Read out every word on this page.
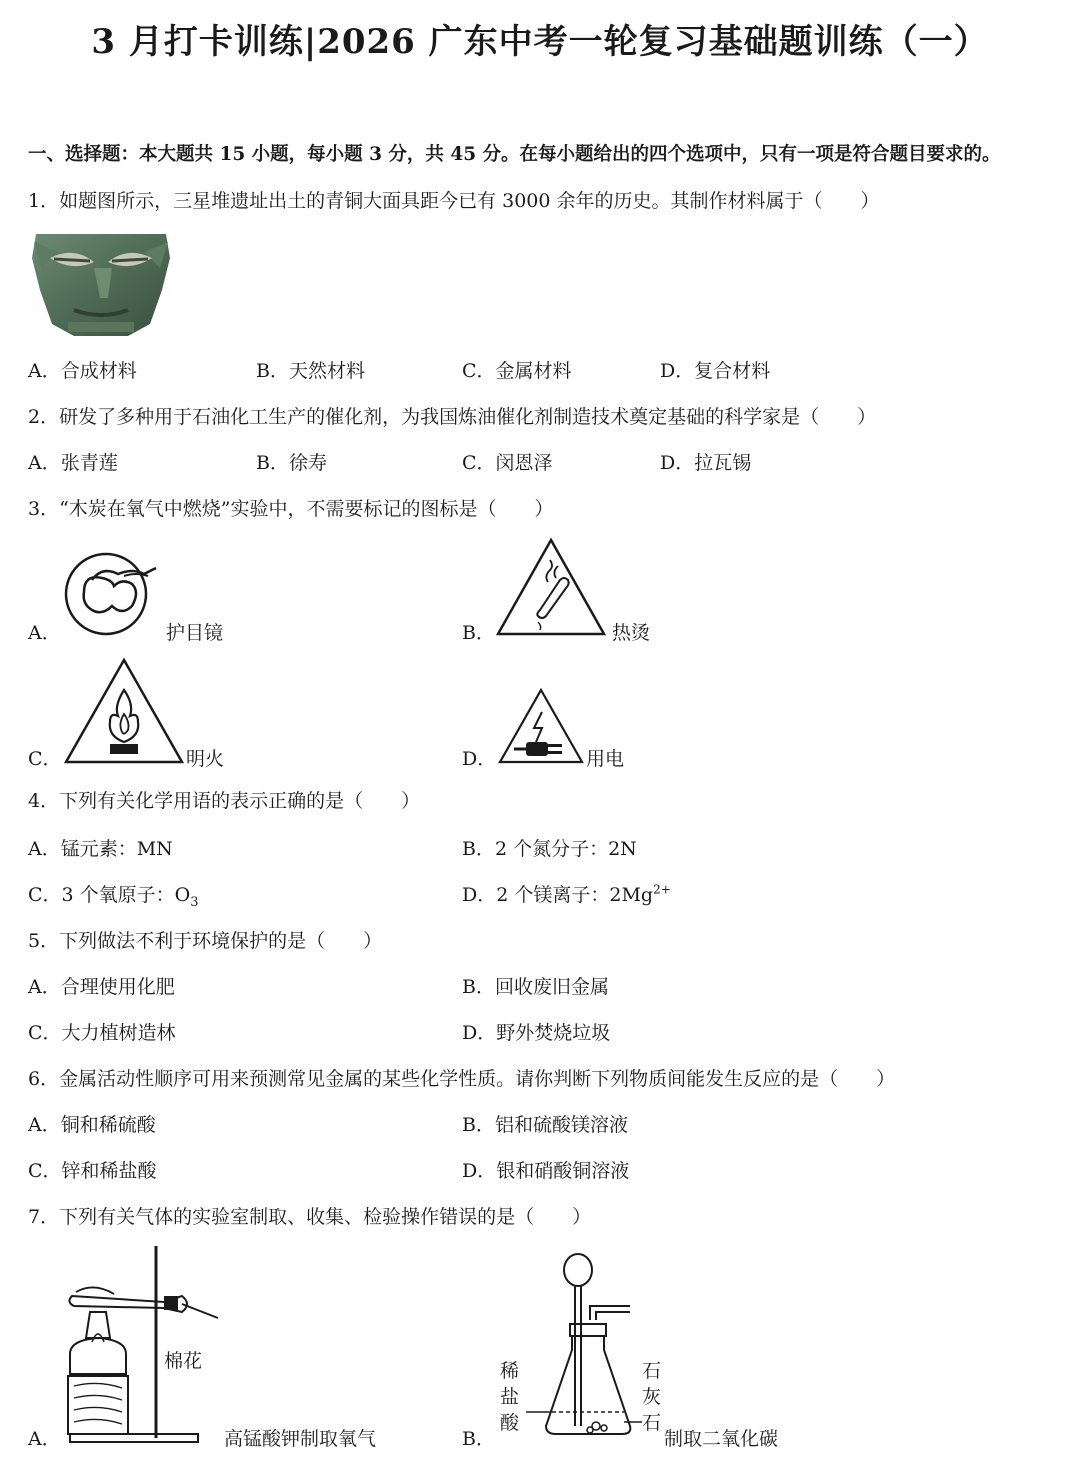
3 月打卡训练|2026 广东中考一轮复习基础题训练（一）
一、选择题：本大题共 15 小题，每小题 3 分，共 45 分。在每小题给出的四个选项中，只有一项是符合题目要求的。
1．如题图所示，三星堆遗址出土的青铜大面具距今已有 3000 余年的历史。其制作材料属于（　　）
A．合成材料	B．天然材料	C．金属材料	D．复合材料
2．研发了多种用于石油化工生产的催化剂，为我国炼油催化剂制造技术奠定基础的科学家是（　　）
A．张青莲	B．徐寿	C．闵恩泽	D．拉瓦锡
3．“木炭在氧气中燃烧”实验中，不需要标记的图标是（　　）
A．	护目镜	B．	热烫
C．	明火	D．	用电
4．下列有关化学用语的表示正确的是（　　）
A．锰元素：MN	B．2 个氮分子：2N
C．3 个氧原子：$O_3$	D．2 个镁离子：$2Mg^{2+}$
5．下列做法不利于环境保护的是（　　）
A．合理使用化肥	B．回收废旧金属
C．大力植树造林	D．野外焚烧垃圾
6．金属活动性顺序可用来预测常见金属的某些化学性质。请你判断下列物质间能发生反应的是（　　）
A．铜和稀硫酸	B．铝和硫酸镁溶液
C．锌和稀盐酸	D．银和硝酸铜溶液
7．下列有关气体的实验室制取、收集、检验操作错误的是（　　）
A．
棉花
高锰酸钾制取氧气	B．
稀
盐
酸
石
灰
石
制取二氧化碳
